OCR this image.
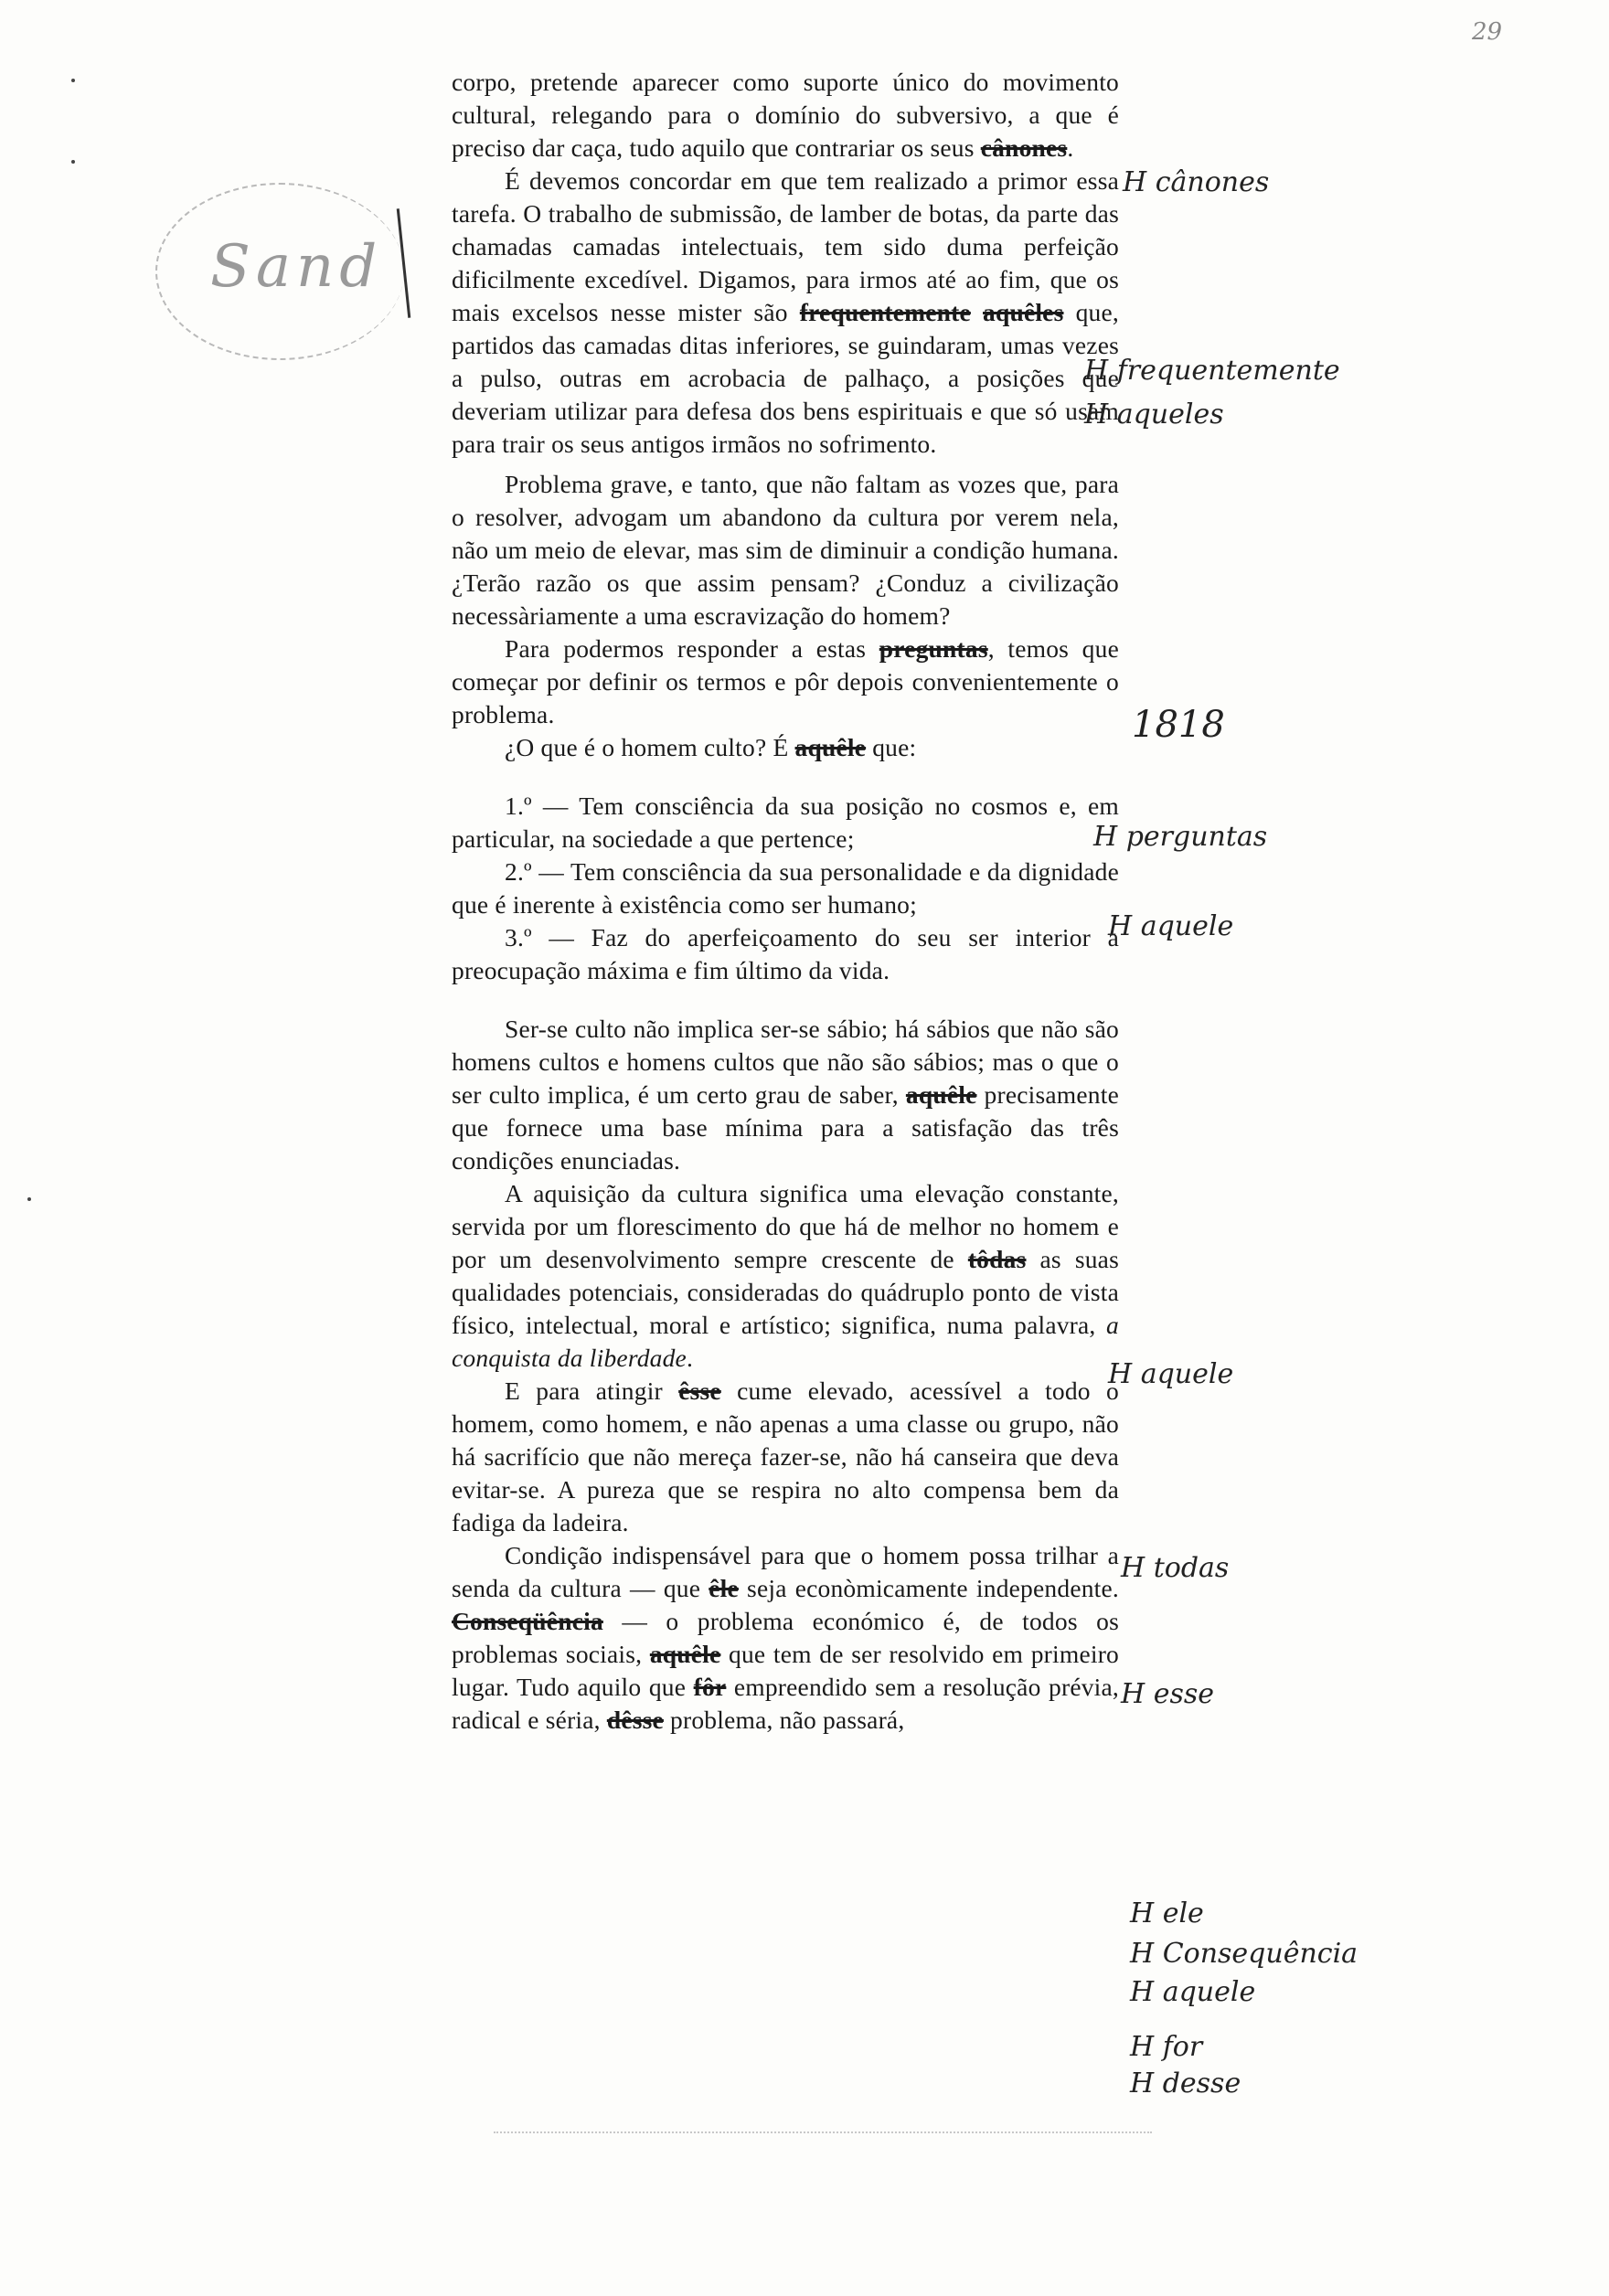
29
Sand

corpo, pretende aparecer como suporte único do movimento cultural, relegando para o domínio do subversivo, a que é preciso dar caça, tudo aquilo que contrariar os seus cânones.

É devemos concordar em que tem realizado a primor essa tarefa. O trabalho de submissão, de lamber de botas, da parte das chamadas camadas intelectuais, tem sido duma perfeição dificilmente excedível. Digamos, para irmos até ao fim, que os mais excelsos nesse mister são frequentemente aquêles que, partidos das camadas ditas inferiores, se guindaram, umas vezes a pulso, outras em acrobacia de palhaço, a posições que deveriam utilizar para defesa dos bens espirituais e que só usam para trair os seus antigos irmãos no sofrimento.

Problema grave, e tanto, que não faltam as vozes que, para o resolver, advogam um abandono da cultura por verem nela, não um meio de elevar, mas sim de diminuir a condição humana. ¿Terão razão os que assim pensam? ¿Conduz a civilização necessàriamente a uma escravização do homem?

Para podermos responder a estas preguntas, temos que começar por definir os termos e pôr depois convenientemente o problema.

¿O que é o homem culto? É aquêle que:

1.º — Tem consciência da sua posição no cosmos e, em particular, na sociedade a que pertence;

2.º — Tem consciência da sua personalidade e da dignidade que é inerente à existência como ser humano;

3.º — Faz do aperfeiçoamento do seu ser interior a preocupação máxima e fim último da vida.

Ser-se culto não implica ser-se sábio; há sábios que não são homens cultos e homens cultos que não são sábios; mas o que o ser culto implica, é um certo grau de saber, aquêle precisamente que fornece uma base mínima para a satisfação das três condições enunciadas.

A aquisição da cultura significa uma elevação constante, servida por um florescimento do que há de melhor no homem e por um desenvolvimento sempre crescente de tôdas as suas qualidades potenciais, consideradas do quádruplo ponto de vista físico, intelectual, moral e artístico; significa, numa palavra, a conquista da liberdade.

E para atingir êsse cume elevado, acessível a todo o homem, como homem, e não apenas a uma classe ou grupo, não há sacrifício que não mereça fazer-se, não há canseira que deva evitar-se. A pureza que se respira no alto compensa bem da fadiga da ladeira.

Condição indispensável para que o homem possa trilhar a senda da cultura — que êle seja econòmicamente independente. Conseqüência — o problema económico é, de todos os problemas sociais, aquêle que tem de ser resolvido em primeiro lugar. Tudo aquilo que fôr empreendido sem a resolução prévia, radical e séria, dêsse problema, não passará,

H cânones
H frequentemente
H aqueles
1818
H perguntas
H aquele
H aquele
H todas
H esse
H ele
H Consequência
H aquele
H for
H desse
